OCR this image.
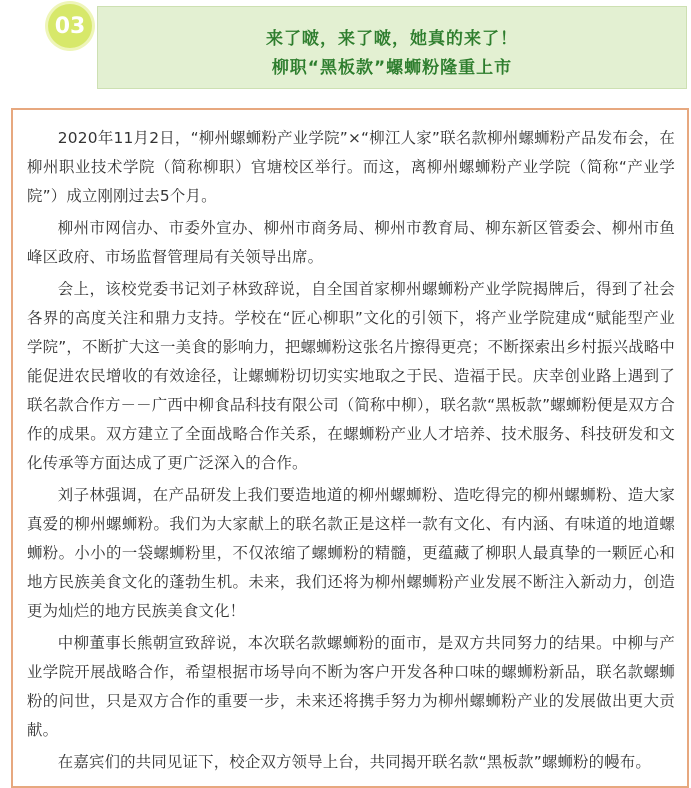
来了啵，来了啵，她真的来了！
柳职“黑板款”螺蛳粉隆重上市
03

2020年11月2日，“柳州螺蛳粉产业学院”×“柳江人家”联名款柳州螺蛳粉产品发布会，在柳州职业技术学院（简称柳职）官塘校区举行。而这，离柳州螺蛳粉产业学院（简称“产业学院”）成立刚刚过去5个月。

柳州市网信办、市委外宣办、柳州市商务局、柳州市教育局、柳东新区管委会、柳州市鱼峰区政府、市场监督管理局有关领导出席。

会上，该校党委书记刘子林致辞说，自全国首家柳州螺蛳粉产业学院揭牌后，得到了社会各界的高度关注和鼎力支持。学校在“匠心柳职”文化的引领下，将产业学院建成“赋能型产业学院”，不断扩大这一美食的影响力，把螺蛳粉这张名片擦得更亮；不断探索出乡村振兴战略中能促进农民增收的有效途径，让螺蛳粉切切实实地取之于民、造福于民。庆幸创业路上遇到了联名款合作方－－广西中柳食品科技有限公司（简称中柳），联名款“黑板款”螺蛳粉便是双方合作的成果。双方建立了全面战略合作关系，在螺蛳粉产业人才培养、技术服务、科技研发和文化传承等方面达成了更广泛深入的合作。

刘子林强调，在产品研发上我们要造地道的柳州螺蛳粉、造吃得完的柳州螺蛳粉、造大家真爱的柳州螺蛳粉。我们为大家献上的联名款正是这样一款有文化、有内涵、有味道的地道螺蛳粉。小小的一袋螺蛳粉里，不仅浓缩了螺蛳粉的精髓，更蕴藏了柳职人最真挚的一颗匠心和地方民族美食文化的蓬勃生机。未来，我们还将为柳州螺蛳粉产业发展不断注入新动力，创造更为灿烂的地方民族美食文化！

中柳董事长熊朝宣致辞说，本次联名款螺蛳粉的面市，是双方共同努力的结果。中柳与产业学院开展战略合作，希望根据市场导向不断为客户开发各种口味的螺蛳粉新品，联名款螺蛳粉的问世，只是双方合作的重要一步，未来还将携手努力为柳州螺蛳粉产业的发展做出更大贡献。

在嘉宾们的共同见证下，校企双方领导上台，共同揭开联名款“黑板款”螺蛳粉的幔布。
